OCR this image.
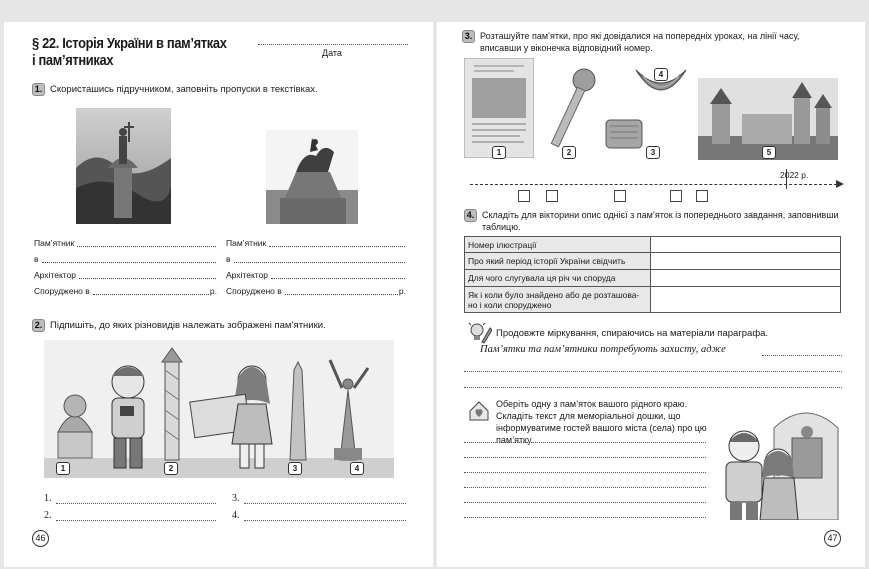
§ 22. Історія України в пам’ятках
і пам’ятниках	Дата
1. Скористашись підручником, заповніть пропуски в текстівках.
Пам’ятник
в
Архітектор
Споруджено в	р.
Пам’ятник
в
Архітектор
Споруджено в	р.
2. Підпишіть, до яких різновидів належать зображені пам’ятники.
1	2	3	4
1.	3.
2.	4.
46
3. Розташуйте пам’ятки, про які довідалися на попередніх уроках, на лінії часу, вписавши у віконечка відповідний номер.
1	2	3
4
5
2022 р.
4. Складіть для вікторини опис однієї з пам’яток із попереднього завдання, заповнивши таблицю.
Номер ілюстрації	
Про який період історії України свідчить	
Для чого слугувала ця річ чи споруда	
Як і коли було знайдено або де розташова-но і коли споруджено	
Продовжте міркування, спираючись на матеріали параграфа.
Пам’ятки та пам’ятники потребують захисту, адже
Оберіть одну з пам’яток вашого рідного краю. Складіть текст для меморіальної дошки, що інформуватиме гостей вашого міста (села) про цю пам’ятку.
47
